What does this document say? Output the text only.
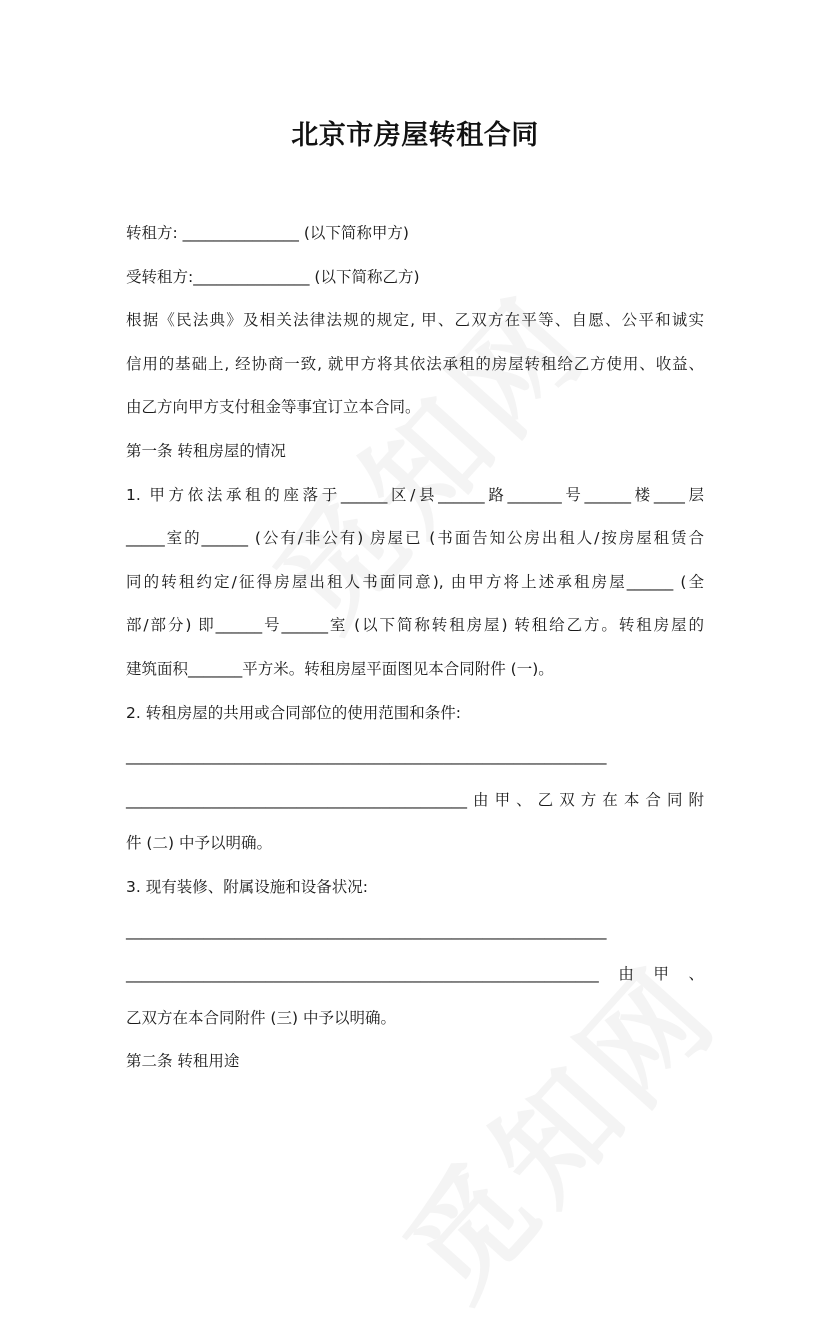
北京市房屋转租合同
转租方: _______________ (以下简称甲方)
受转租方:_______________ (以下简称乙方)
根据《民法典》及相关法律法规的规定, 甲、乙双方在平等、自愿、公平和诚实
信用的基础上, 经协商一致, 就甲方将其依法承租的房屋转租给乙方使用、收益、
由乙方向甲方支付租金等事宜订立本合同。
第一条 转租房屋的情况
1. 甲方依法承租的座落于______区/县______路_______号______楼____层
_____室的______ (公有/非公有) 房屋已 (书面告知公房出租人/按房屋租赁合
同的转租约定/征得房屋出租人书面同意), 由甲方将上述承租房屋______ (全
部/部分) 即______号______室 (以下简称转租房屋) 转租给乙方。转租房屋的
建筑面积_______平方米。转租房屋平面图见本合同附件 (一)。
2. 转租房屋的共用或合同部位的使用范围和条件:
______________________________________________________________
____________________________________________由甲、乙双方在本合同附
件 (二) 中予以明确。
3. 现有装修、附属设施和设备状况:
______________________________________________________________
_____________________________________________________________由甲、
乙双方在本合同附件 (三) 中予以明确。
第二条 转租用途
